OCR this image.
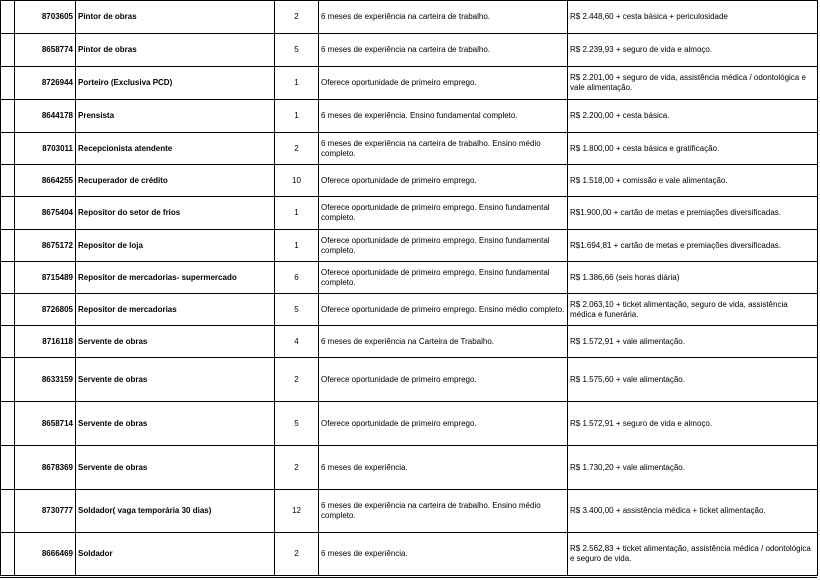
	8703605	Pintor de obras	2	6 meses de experiência na carteira de trabalho.	R$ 2.448,60 + cesta básica + periculosidade
	8658774	Pintor de obras	5	6 meses de experiência na carteira de trabalho.	R$ 2.239,93 + seguro de vida e almoço.
	8726944	Porteiro (Exclusiva PCD)	1	Oferece oportunidade de primeiro emprego.	R$ 2.201,00 + seguro de vida, assistência médica / odontológica e vale alimentação.
	8644178	Prensista	1	6 meses de experiência. Ensino fundamental completo.	R$ 2.200,00 + cesta básica.
	8703011	Recepcionista atendente	2	6 meses de experiência na carteira de trabalho. Ensino médio completo.	R$ 1.800,00 + cesta básica e gratificação.
	8664255	Recuperador de crédito	10	Oferece oportunidade de primeiro emprego.	R$ 1.518,00 + comissão e vale alimentação.
	8675404	Repositor do setor de frios	1	Oferece oportunidade de primeiro emprego. Ensino fundamental completo.	R$1.900,00 + cartão de metas e premiações diversificadas.
	8675172	Repositor de loja	1	Oferece oportunidade de primeiro emprego. Ensino fundamental completo.	R$1.694,81 + cartão de metas e premiações diversificadas.
	8715489	Repositor de mercadorias- supermercado	6	Oferece oportunidade de primeiro emprego. Ensino fundamental completo.	R$ 1.386,66 (seis horas diária)
	8726805	Repositor de mercadorias	5	Oferece oportunidade de primeiro emprego. Ensino médio completo.	R$ 2.063,10 + ticket alimentação, seguro de vida, assistência médica e funerária.
	8716118	Servente de obras	4	6 meses de experiência na Carteira de Trabalho.	R$ 1.572,91 + vale alimentação.
	8633159	Servente de obras	2	Oferece oportunidade de primeiro emprego.	R$ 1.575,60 + vale alimentação.
	8658714	Servente de obras	5	Oferece oportunidade de primeiro emprego.	R$ 1.572,91 + seguro de vida e almoço.
	8678369	Servente de obras	2	6 meses de experiência.	R$ 1.730,20 + vale alimentação.
	8730777	Soldador( vaga temporária 30 dias)	12	6 meses de experiência na carteira de trabalho. Ensino médio completo.	R$ 3.400,00 + assistência médica + ticket alimentação.
	8666469	Soldador	2	6 meses de experiência.	R$ 2.562,83 + ticket alimentação, assistência médica / odontológica e seguro de vida.
